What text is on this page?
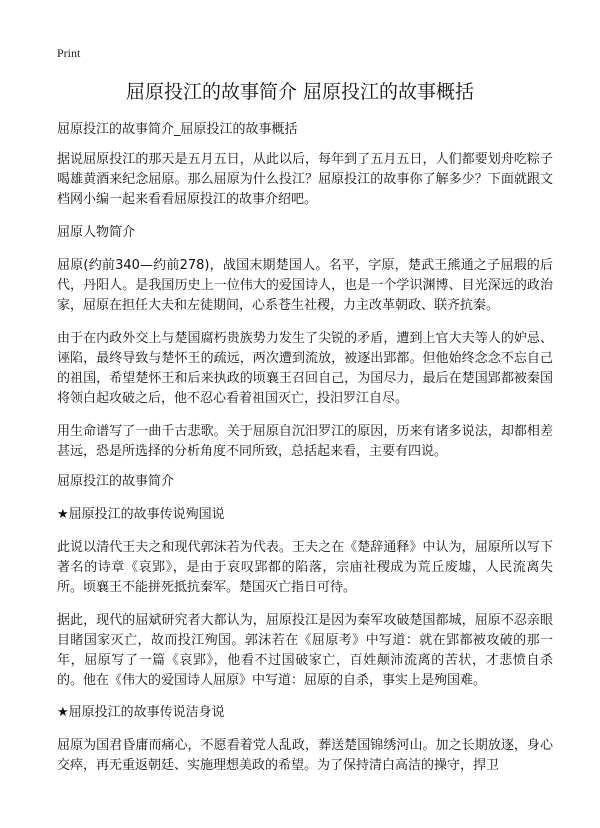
Print
屈原投江的故事简介 屈原投江的故事概括

屈原投江的故事简介_屈原投江的故事概括

据说屈原投江的那天是五月五日，从此以后，每年到了五月五日，人们都要划舟吃粽子喝雄黄酒来纪念屈原。那么屈原为什么投江？屈原投江的故事你了解多少？下面就跟文档网小编一起来看看屈原投江的故事介绍吧。

屈原人物简介

屈原(约前340—约前278)，战国末期楚国人。名平，字原，楚武王熊通之子屈瑕的后代，丹阳人。是我国历史上一位伟大的爱国诗人，也是一个学识渊博、目光深远的政治家，屈原在担任大夫和左徒期间，心系苍生社稷，力主改革朝政、联齐抗秦。

由于在内政外交上与楚国腐朽贵族势力发生了尖锐的矛盾，遭到上官大夫等人的妒忌、诬陷，最终导致与楚怀王的疏远，两次遭到流放，被逐出郢都。但他始终念念不忘自己的祖国，希望楚怀王和后来执政的顷襄王召回自己，为国尽力，最后在楚国郢都被秦国将领白起攻破之后，他不忍心看着祖国灭亡，投汨罗江自尽。

用生命谱写了一曲千古悲歌。关于屈原自沉汨罗江的原因，历来有诸多说法，却都相差甚远，恐是所选择的分析角度不同所致，总括起来看，主要有四说。

屈原投江的故事简介

★屈原投江的故事传说殉国说

此说以清代王夫之和现代郭沫若为代表。王夫之在《楚辞通释》中认为，屈原所以写下著名的诗章《哀郢》，是由于哀叹郢都的陷落，宗庙社稷成为荒丘废墟，人民流离失所。顷襄王不能拼死抵抗秦军。楚国灭亡指日可待。

据此，现代的屈斌研究者大都认为，屈原投江是因为秦军攻破楚国都城，屈原不忍亲眼目睹国家灭亡，故而投江殉国。郭沫若在《屈原考》中写道：就在郢都被攻破的那一年，屈原写了一篇《哀郢》，他看不过国破家亡，百姓颠沛流离的苦状，才悲愤自杀的。他在《伟大的爱国诗人屈原》中写道：屈原的自杀，事实上是殉国难。

★屈原投江的故事传说洁身说

屈原为国君昏庸而痛心，不愿看着党人乱政，葬送楚国锦绣河山。加之长期放逐，身心交瘁，再无重返朝廷、实施理想美政的希望。为了保持清白高洁的操守，捍卫
